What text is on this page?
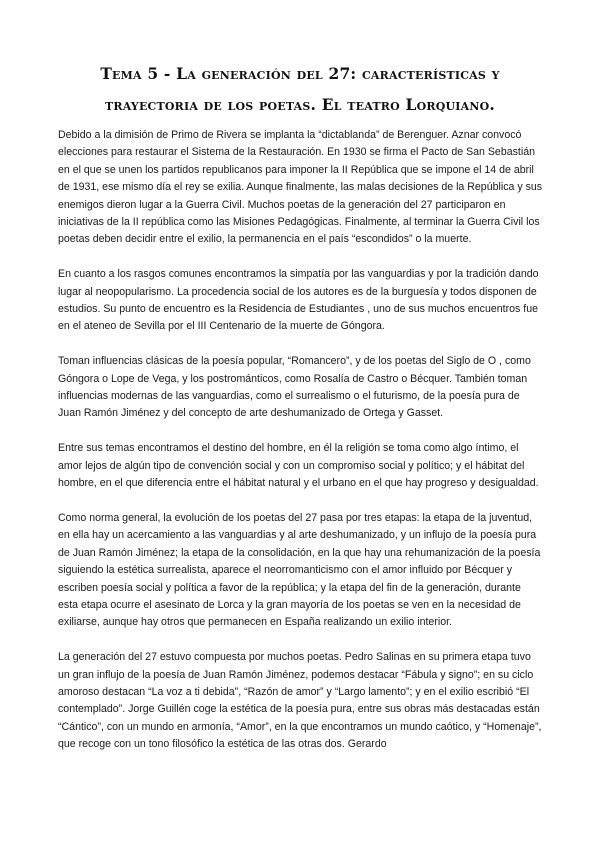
Tema 5 - La generación del 27: características y trayectoria de los poetas. El teatro Lorquiano.

Debido a la dimisión de Primo de Rivera se implanta la “dictablanda” de Berenguer. Aznar convocó elecciones para restaurar el Sistema de la Restauración. En 1930 se firma el Pacto de San Sebastián en el que se unen los partidos republicanos para imponer la II República que se impone el 14 de abril de 1931, ese mismo día el rey se exilia. Aunque finalmente, las malas decisiones de la República y sus enemigos dieron lugar a la Guerra Civil. Muchos poetas de la generación del 27 participaron en iniciativas de la II república como las Misiones Pedagógicas. Finalmente, al terminar la Guerra Civil los poetas deben decidir entre el exilio, la permanencia en el país “escondidos” o la muerte.

En cuanto a los rasgos comunes encontramos la simpatía por las vanguardias y por la tradición dando lugar al neopopularismo. La procedencia social de los autores es de la burguesía y todos disponen de estudios. Su punto de encuentro es la Residencia de Estudiantes , uno de sus muchos encuentros fue en el ateneo de Sevilla por el III Centenario de la muerte de Góngora.

Toman influencias clásicas de la poesía popular, “Romancero”, y de los poetas del Siglo de O , como Góngora o Lope de Vega, y los postrománticos, como Rosalía de Castro o Bécquer. También toman influencias modernas de las vanguardias, como el surrealismo o el futurismo, de la poesía pura de Juan Ramón Jiménez y del concepto de arte deshumanizado de Ortega y Gasset.

Entre sus temas encontramos el destino del hombre, en él la religión se toma como algo íntimo, el amor lejos de algún tipo de convención social y con un compromiso social y político; y el hábitat del hombre, en el que diferencia entre el hábitat natural y el urbano en el que hay progreso y desigualdad.

Como norma general, la evolución de los poetas del 27 pasa por tres etapas: la etapa de la juventud, en ella hay un acercamiento a las vanguardias y al arte deshumanizado, y un influjo de la poesía pura de Juan Ramón Jiménez; la etapa de la consolidación, en la que hay una rehumanización de la poesía siguiendo la estética surrealista, aparece el neorromanticismo con el amor influido por Bécquer y escriben poesía social y política a favor de la república; y la etapa del fin de la generación, durante esta etapa ocurre el asesinato de Lorca y la gran mayoría de los poetas se ven en la necesidad de exiliarse, aunque hay otros que permanecen en España realizando un exilio interior.

La generación del 27 estuvo compuesta por muchos poetas. Pedro Salinas en su primera etapa tuvo un gran influjo de la poesía de Juan Ramón Jiménez, podemos destacar “Fábula y signo”; en su ciclo amoroso destacan “La voz a ti debida”, “Razón de amor” y “Largo lamento”; y en el exilio escribió “El contemplado”. Jorge Guillén coge la estética de la poesía pura, entre sus obras más destacadas están “Cántico”, con un mundo en armonía, “Amor”, en la que encontramos un mundo caótico, y “Homenaje”, que recoge con un tono filosófico la estética de las otras dos. Gerardo
